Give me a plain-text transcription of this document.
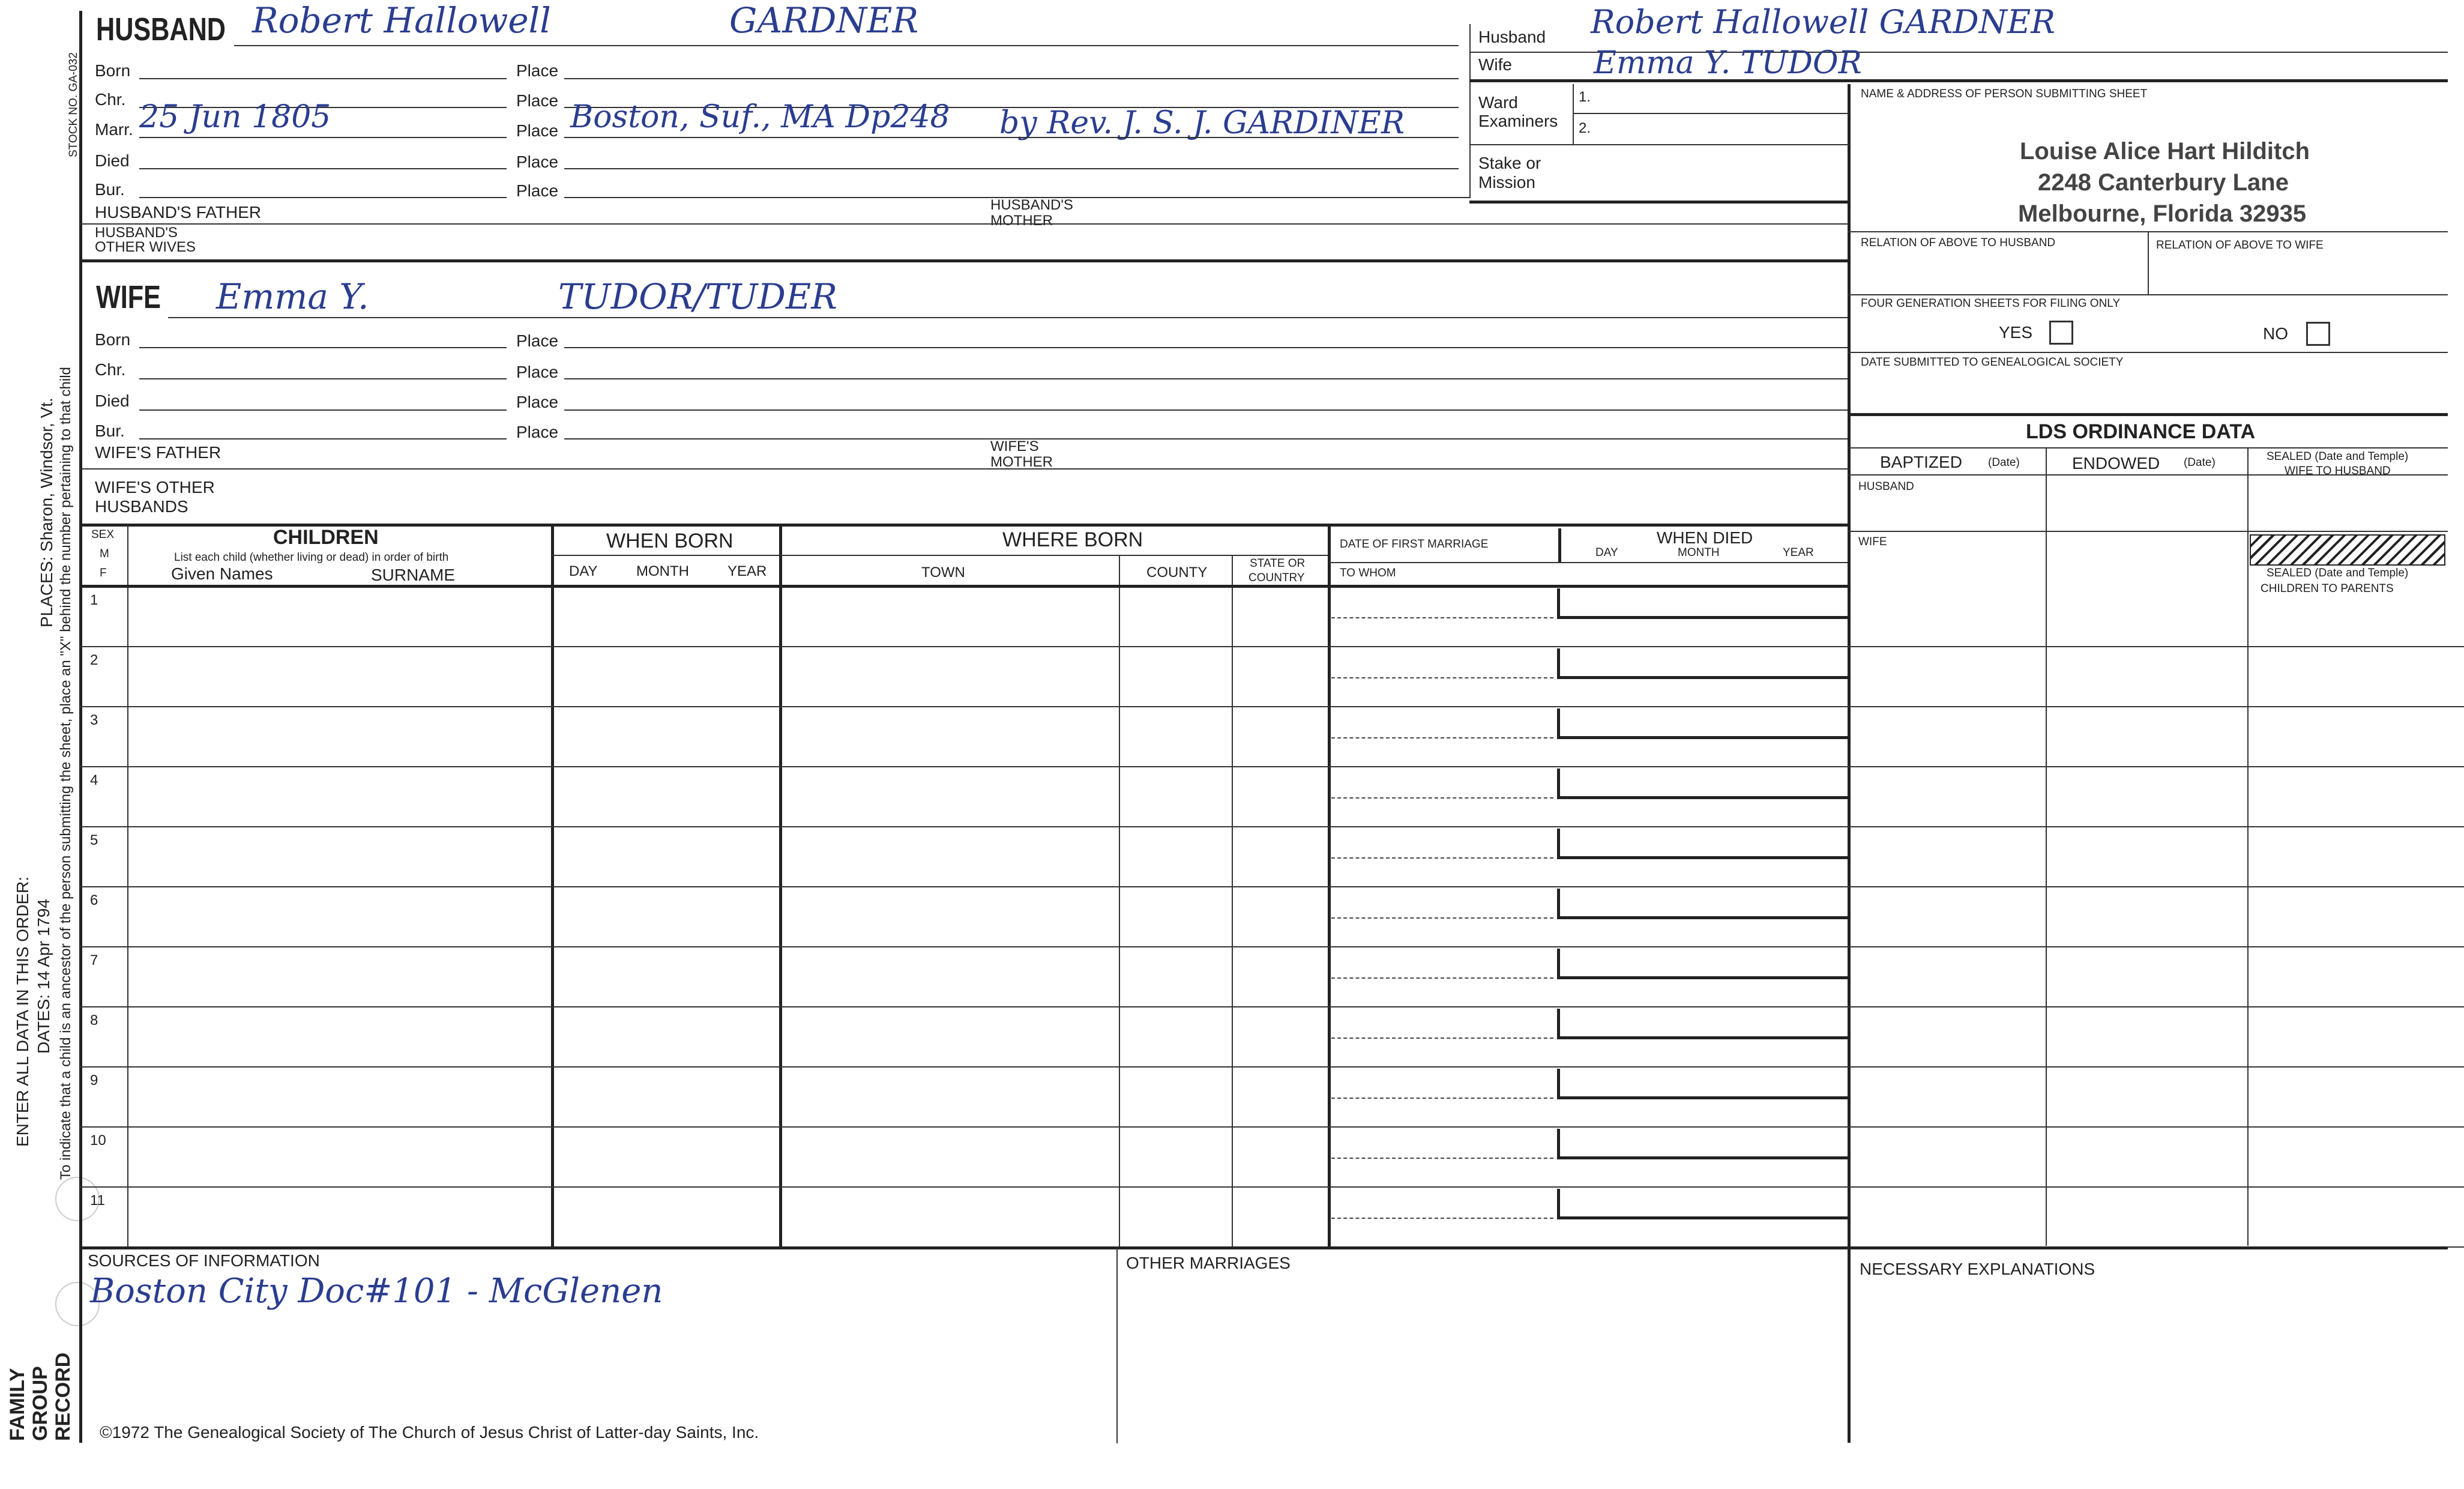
STOCK NO. GA-032
PLACES: Sharon, Windsor, Vt.
ENTER ALL DATA IN THIS ORDER: DATES: 14 Apr 1794 To indicate that a child is an ancestor of the person submitting the sheet, place an "X" behind the number pertaining to that child
FAMILY GROUP RECORD
HUSBAND Robert Hallowell	GARDNER
Born	Place
Chr.	Place
Marr. 25 Jun 1805	Place Boston, Suf., MA Dp248 by Rev. J. S. J. GARDINER
Died	Place
Bur.	Place
HUSBAND'S FATHER	HUSBAND'S
MOTHER
HUSBAND'S
OTHER WIVES
WIFE Emma Y.	TUDOR/TUDER
Born	Place
Chr.	Place
Died	Place
Bur.	Place
WIFE'S FATHER	WIFE'S
MOTHER
WIFE'S OTHER
HUSBANDS
Husband Robert Hallowell GARDNER
Wife	Emma Y. TUDOR
Ward
Examiners
1.
2.
Stake or
Mission
NAME & ADDRESS OF PERSON SUBMITTING SHEET
Louise Alice Hart Hilditch
2248 Canterbury Lane
Melbourne, Florida 32935
RELATION OF ABOVE TO HUSBAND	RELATION OF ABOVE TO WIFE
FOUR GENERATION SHEETS FOR FILING ONLY
YES	NO
DATE SUBMITTED TO GENEALOGICAL SOCIETY
LDS ORDINANCE DATA
BAPTIZED (Date)	ENDOWED (Date)	SEALED (Date and Temple)
WIFE TO HUSBAND
HUSBAND
WIFE
SEALED (Date and Temple)
CHILDREN TO PARENTS
SEX
M
F
CHILDREN
List each child (whether living or dead) in order of birth
Given Names	SURNAME
WHEN BORN
DAY	MONTH	YEAR
WHERE BORN
TOWN	COUNTY
STATE OR
COUNTRY
DATE OF FIRST MARRIAGE
TO WHOM
WHEN DIED
DAY	MONTH	YEAR
1
2
3
4
5
6
7
8
9
10
11
SOURCES OF INFORMATION
Boston City Doc#101 - McGlenen
OTHER MARRIAGES	NECESSARY EXPLANATIONS
©1972 The Genealogical Society of The Church of Jesus Christ of Latter-day Saints, Inc.
